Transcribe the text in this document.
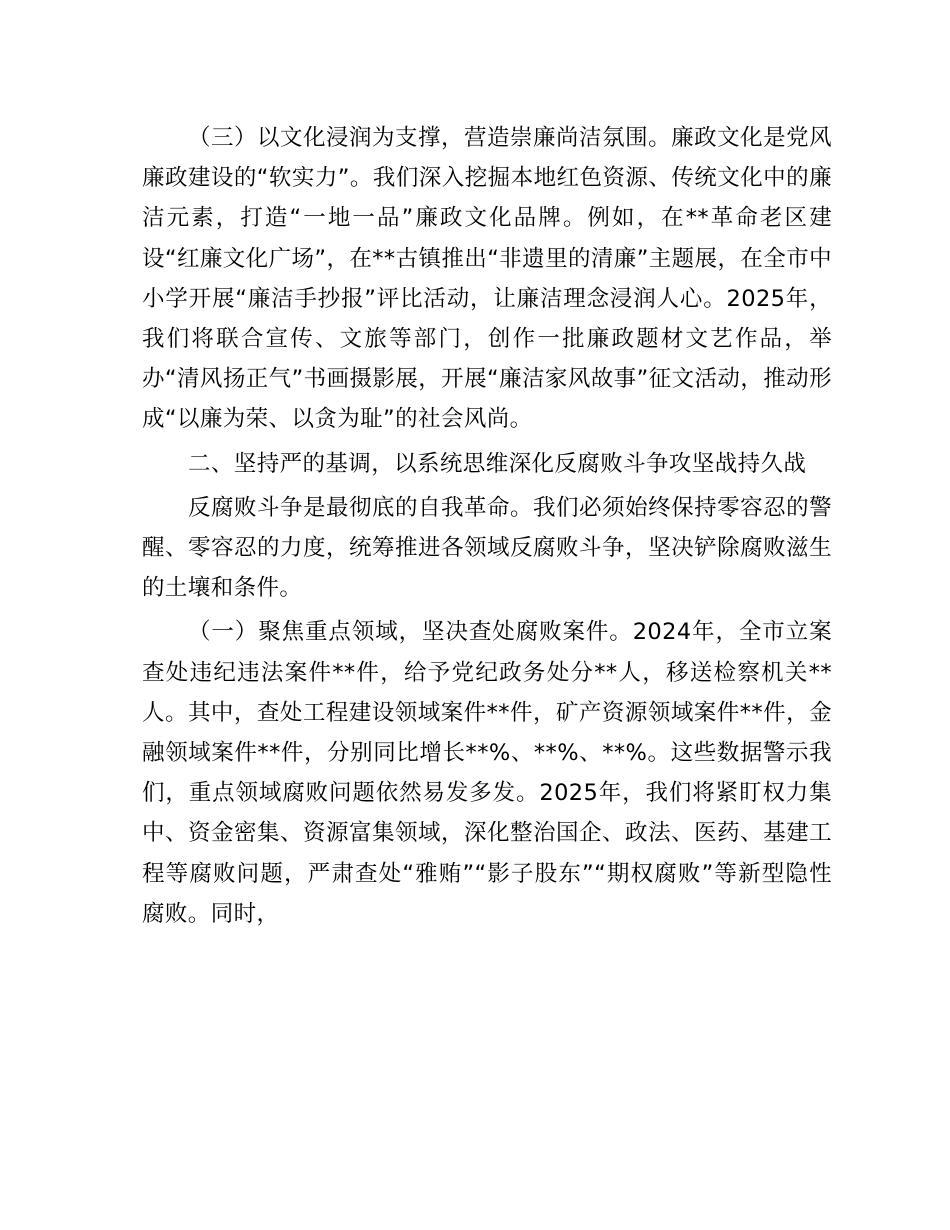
（三）以文化浸润为支撑，营造崇廉尚洁氛围。廉政文化是党风廉政建设的“软实力”。我们深入挖掘本地红色资源、传统文化中的廉洁元素，打造“一地一品”廉政文化品牌。例如，在**革命老区建设“红廉文化广场”，在**古镇推出“非遗里的清廉”主题展，在全市中小学开展“廉洁手抄报”评比活动，让廉洁理念浸润人心。2025年，我们将联合宣传、文旅等部门，创作一批廉政题材文艺作品，举办“清风扬正气”书画摄影展，开展“廉洁家风故事”征文活动，推动形成“以廉为荣、以贪为耻”的社会风尚。

二、坚持严的基调，以系统思维深化反腐败斗争攻坚战持久战

反腐败斗争是最彻底的自我革命。我们必须始终保持零容忍的警醒、零容忍的力度，统筹推进各领域反腐败斗争，坚决铲除腐败滋生的土壤和条件。

（一）聚焦重点领域，坚决查处腐败案件。2024年，全市立案查处违纪违法案件**件，给予党纪政务处分**人，移送检察机关**人。其中，查处工程建设领域案件**件，矿产资源领域案件**件，金融领域案件**件，分别同比增长**%、**%、**%。这些数据警示我们，重点领域腐败问题依然易发多发。2025年，我们将紧盯权力集中、资金密集、资源富集领域，深化整治国企、政法、医药、基建工程等腐败问题，严肃查处“雅贿”“影子股东”“期权腐败”等新型隐性腐败。同时，
